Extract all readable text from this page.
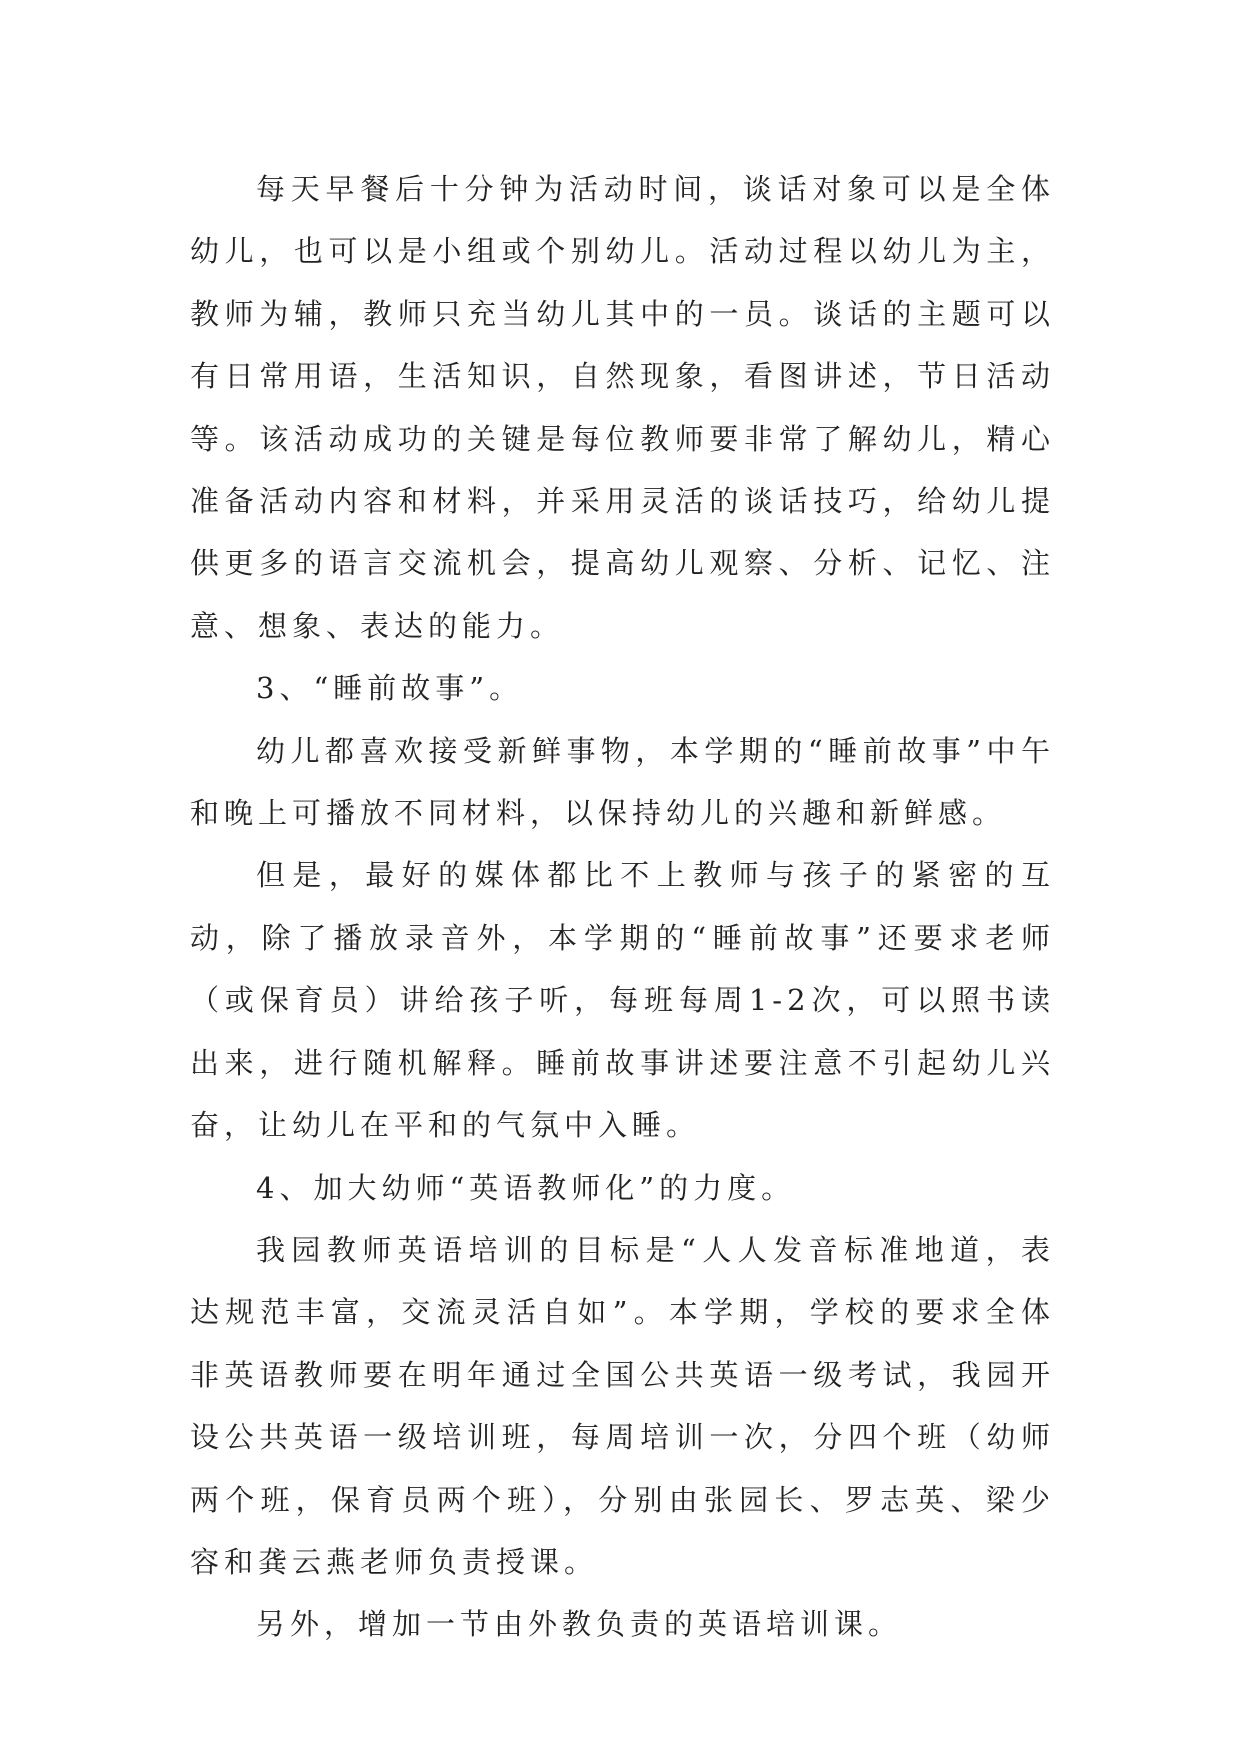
每天早餐后十分钟为活动时间，谈话对象可以是全体幼儿，也可以是小组或个别幼儿。活动过程以幼儿为主，教师为辅，教师只充当幼儿其中的一员。谈话的主题可以有日常用语，生活知识，自然现象，看图讲述，节日活动等。该活动成功的关键是每位教师要非常了解幼儿，精心准备活动内容和材料，并采用灵活的谈话技巧，给幼儿提供更多的语言交流机会，提高幼儿观察、分析、记忆、注意、想象、表达的能力。

3、“睡前故事”。

幼儿都喜欢接受新鲜事物，本学期的“睡前故事”中午和晚上可播放不同材料，以保持幼儿的兴趣和新鲜感。

但是，最好的媒体都比不上教师与孩子的紧密的互动，除了播放录音外，本学期的“睡前故事”还要求老师（或保育员）讲给孩子听，每班每周1-2次，可以照书读出来，进行随机解释。睡前故事讲述要注意不引起幼儿兴奋，让幼儿在平和的气氛中入睡。

4、加大幼师“英语教师化”的力度。

我园教师英语培训的目标是“人人发音标准地道，表达规范丰富，交流灵活自如”。本学期，学校的要求全体非英语教师要在明年通过全国公共英语一级考试，我园开设公共英语一级培训班，每周培训一次，分四个班（幼师两个班，保育员两个班），分别由张园长、罗志英、梁少容和龚云燕老师负责授课。

另外，增加一节由外教负责的英语培训课。
